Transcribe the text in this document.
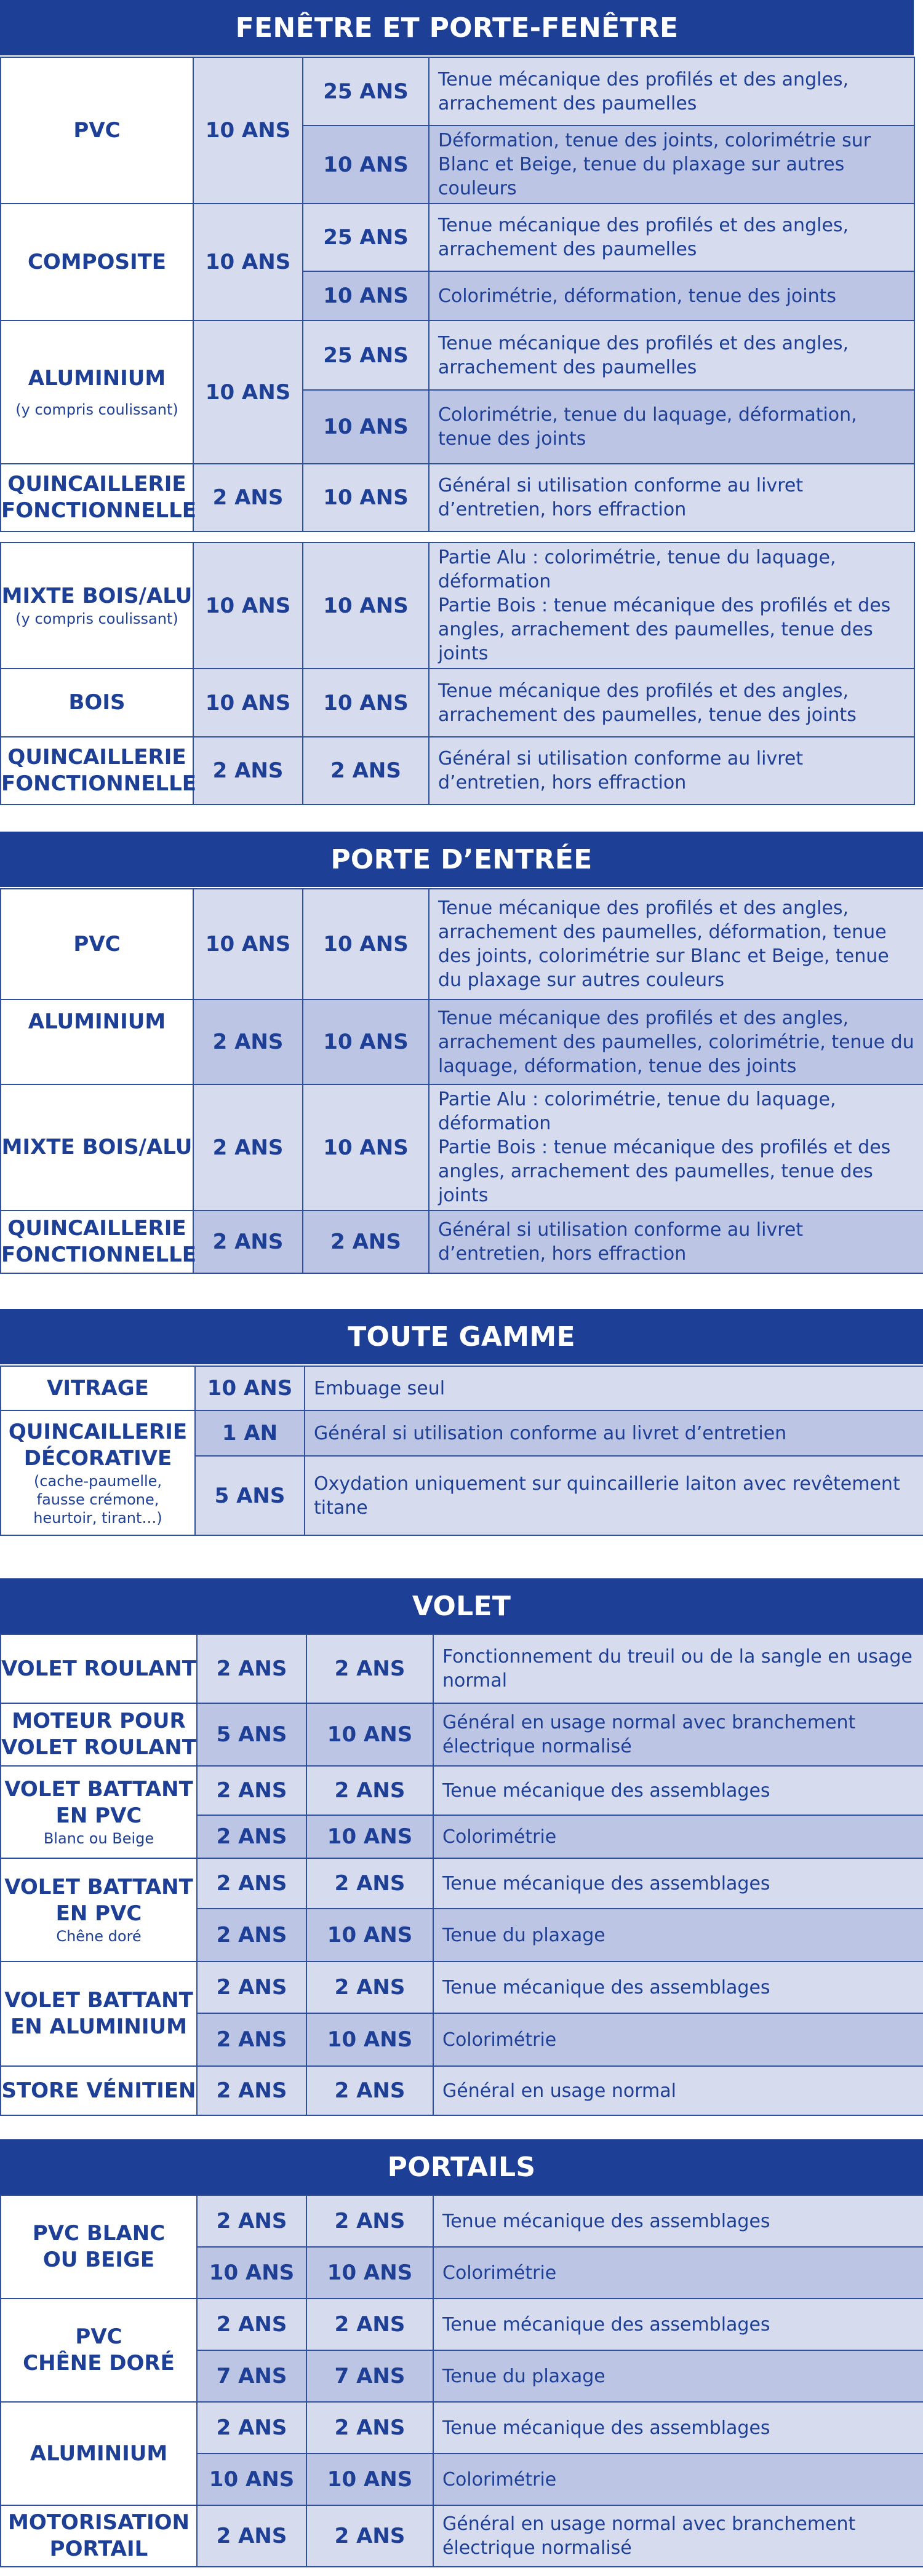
FENÊTRE ET PORTE-FENÊTRE
PVC	10 ANS	25 ANS	Tenue mécanique des profilés et des angles, arrachement des paumelles
		10 ANS	Déformation, tenue des joints, colorimétrie sur Blanc et Beige, tenue du plaxage sur autres couleurs
COMPOSITE	10 ANS	25 ANS	Tenue mécanique des profilés et des angles, arrachement des paumelles
		10 ANS	Colorimétrie, déformation, tenue des joints
ALUMINIUM
(y compris coulissant)	10 ANS	25 ANS	Tenue mécanique des profilés et des angles, arrachement des paumelles
		10 ANS	Colorimétrie, tenue du laquage, déformation, tenue des joints
QUINCAILLERIE
FONCTIONNELLE	2 ANS	10 ANS	Général si utilisation conforme au livret d’entretien, hors effraction
MIXTE BOIS/ALU
(y compris coulissant)	10 ANS	10 ANS	Partie Alu : colorimétrie, tenue du laquage, déformation
Partie Bois : tenue mécanique des profilés et des angles, arrachement des paumelles, tenue des joints
BOIS	10 ANS	10 ANS	Tenue mécanique des profilés et des angles, arrachement des paumelles, tenue des joints
QUINCAILLERIE
FONCTIONNELLE	2 ANS	2 ANS	Général si utilisation conforme au livret d’entretien, hors effraction
PORTE D’ENTRÉE
PVC	10 ANS	10 ANS	Tenue mécanique des profilés et des angles, arrachement des paumelles, déformation, tenue des joints, colorimétrie sur Blanc et Beige, tenue du plaxage sur autres couleurs
ALUMINIUM	2 ANS	10 ANS	Tenue mécanique des profilés et des angles, arrachement des paumelles, colorimétrie, tenue du laquage, déformation, tenue des joints
MIXTE BOIS/ALU	2 ANS	10 ANS	Partie Alu : colorimétrie, tenue du laquage, déformation
Partie Bois : tenue mécanique des profilés et des angles, arrachement des paumelles, tenue des joints
QUINCAILLERIE
FONCTIONNELLE	2 ANS	2 ANS	Général si utilisation conforme au livret d’entretien, hors effraction
TOUTE GAMME
VITRAGE	10 ANS	Embuage seul
QUINCAILLERIE
DÉCORATIVE
(cache-paumelle, fausse crémone, heurtoir, tirant…)	1 AN	Général si utilisation conforme au livret d’entretien
	5 ANS	Oxydation uniquement sur quincaillerie laiton avec revêtement titane
VOLET
VOLET ROULANT	2 ANS	2 ANS	Fonctionnement du treuil ou de la sangle en usage normal
MOTEUR POUR
VOLET ROULANT	5 ANS	10 ANS	Général en usage normal avec branchement électrique normalisé
VOLET BATTANT
EN PVC
Blanc ou Beige	2 ANS	2 ANS	Tenue mécanique des assemblages
	2 ANS	10 ANS	Colorimétrie
VOLET BATTANT
EN PVC
Chêne doré	2 ANS	2 ANS	Tenue mécanique des assemblages
	2 ANS	10 ANS	Tenue du plaxage
VOLET BATTANT
EN ALUMINIUM	2 ANS	2 ANS	Tenue mécanique des assemblages
	2 ANS	10 ANS	Colorimétrie
STORE VÉNITIEN	2 ANS	2 ANS	Général en usage normal
PORTAILS
PVC BLANC
OU BEIGE	2 ANS	2 ANS	Tenue mécanique des assemblages
	10 ANS	10 ANS	Colorimétrie
PVC
CHÊNE DORÉ	2 ANS	2 ANS	Tenue mécanique des assemblages
	7 ANS	7 ANS	Tenue du plaxage
ALUMINIUM	2 ANS	2 ANS	Tenue mécanique des assemblages
	10 ANS	10 ANS	Colorimétrie
MOTORISATION
PORTAIL	2 ANS	2 ANS	Général en usage normal avec branchement électrique normalisé
